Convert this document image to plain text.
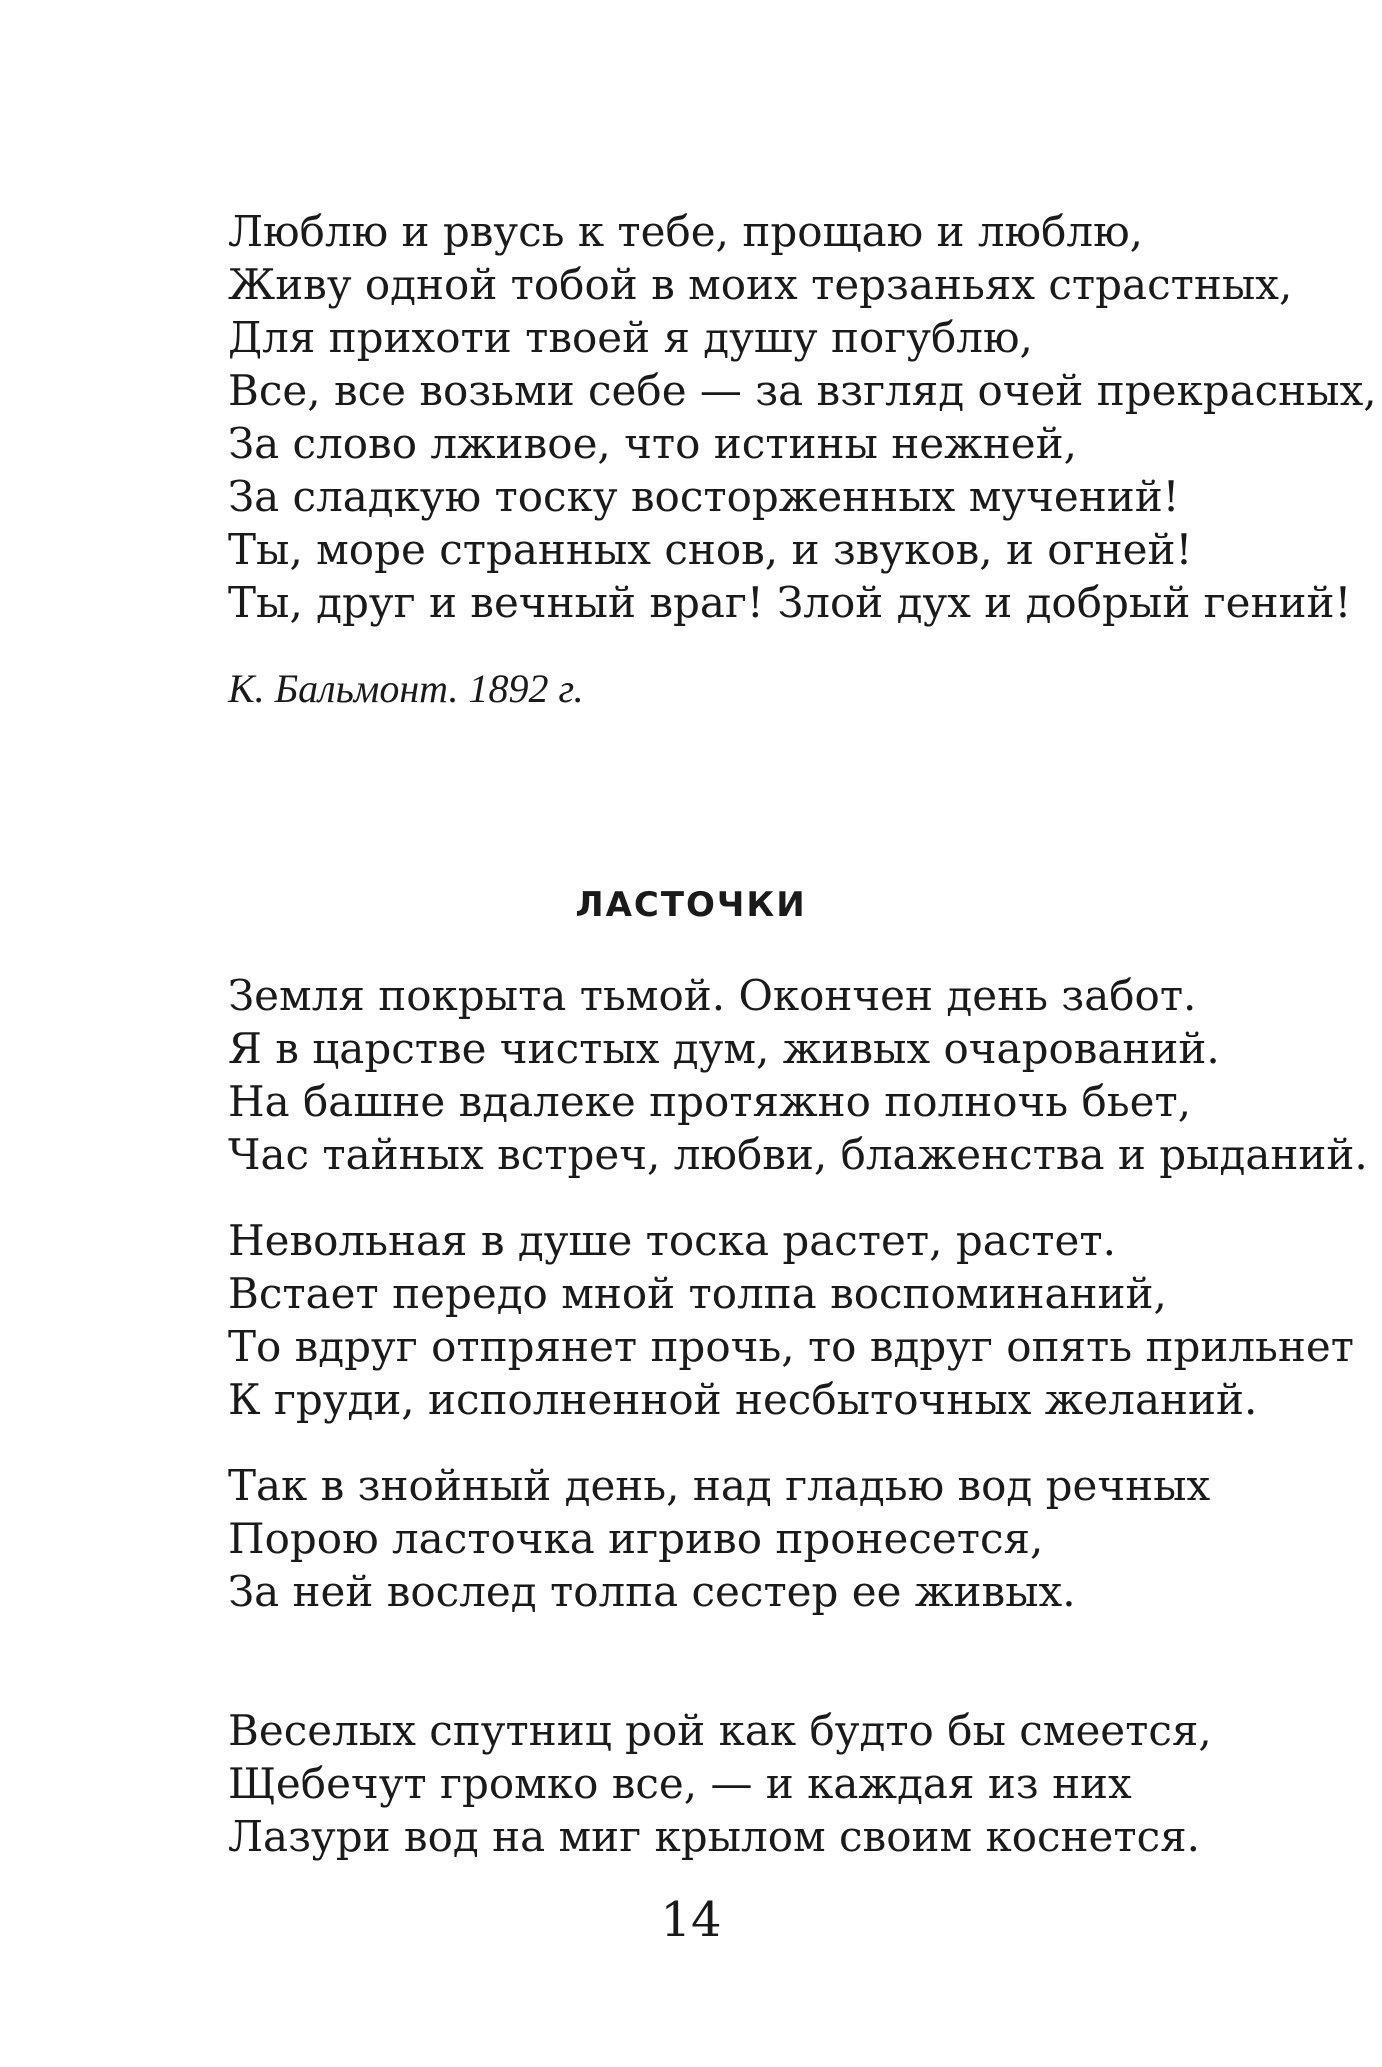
Люблю и рвусь к тебе, прощаю и люблю,
Живу одной тобой в моих терзаньях страстных,
Для прихоти твоей я душу погублю,
Все, все возьми себе — за взгляд очей прекрасных,
За слово лживое, что истины нежней,
За сладкую тоску восторженных мучений!
Ты, море странных снов, и звуков, и огней!
Ты, друг и вечный враг! Злой дух и добрый гений!
К. Бальмонт. 1892 г.
ЛАСТОЧКИ
Земля покрыта тьмой. Окончен день забот.
Я в царстве чистых дум, живых очарований.
На башне вдалеке протяжно полночь бьет,
Час тайных встреч, любви, блаженства и рыданий.
Невольная в душе тоска растет, растет.
Встает передо мной толпа воспоминаний,
То вдруг отпрянет прочь, то вдруг опять прильнет
К груди, исполненной несбыточных желаний.
Так в знойный день, над гладью вод речных
Порою ласточка игриво пронесется,
За ней вослед толпа сестер ее живых.
Веселых спутниц рой как будто бы смеется,
Щебечут громко все, — и каждая из них
Лазури вод на миг крылом своим коснется.
14
